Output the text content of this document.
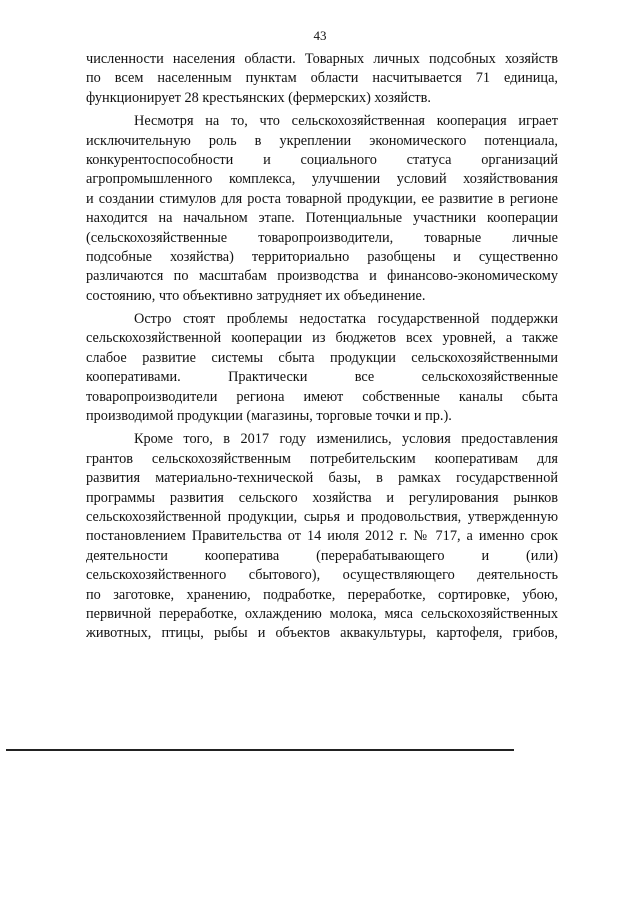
43
численности населения области. Товарных личных подсобных хозяйств
по всем населенным пунктам области насчитывается 71 единица,
функционирует 28 крестьянских (фермерских) хозяйств.
Несмотря на то, что сельскохозяйственная кооперация играет
исключительную роль в укреплении экономического потенциала,
конкурентоспособности и социального статуса организаций
агропромышленного комплекса, улучшении условий хозяйствования
и создании стимулов для роста товарной продукции, ее развитие в регионе
находится на начальном этапе. Потенциальные участники кооперации
(сельскохозяйственные товаропроизводители, товарные личные
подсобные хозяйства) территориально разобщены и существенно
различаются по масштабам производства и финансово-экономическому
состоянию, что объективно затрудняет их объединение.
Остро стоят проблемы недостатка государственной поддержки
сельскохозяйственной кооперации из бюджетов всех уровней, а также
слабое развитие системы сбыта продукции сельскохозяйственными
кооперативами. Практически все сельскохозяйственные
товаропроизводители региона имеют собственные каналы сбыта
производимой продукции (магазины, торговые точки и пр.).
Кроме того, в 2017 году изменились, условия предоставления
грантов сельскохозяйственным потребительским кооперативам для
развития материально-технической базы, в рамках государственной
программы развития сельского хозяйства и регулирования рынков
сельскохозяйственной продукции, сырья и продовольствия, утвержденную
постановлением Правительства от 14 июля 2012 г. № 717, а именно срок
деятельности кооператива (перерабатывающего и (или)
сельскохозяйственного сбытового), осуществляющего деятельность
по заготовке, хранению, подработке, переработке, сортировке, убою,
первичной переработке, охлаждению молока, мяса сельскохозяйственных
животных, птицы, рыбы и объектов аквакультуры, картофеля, грибов,
